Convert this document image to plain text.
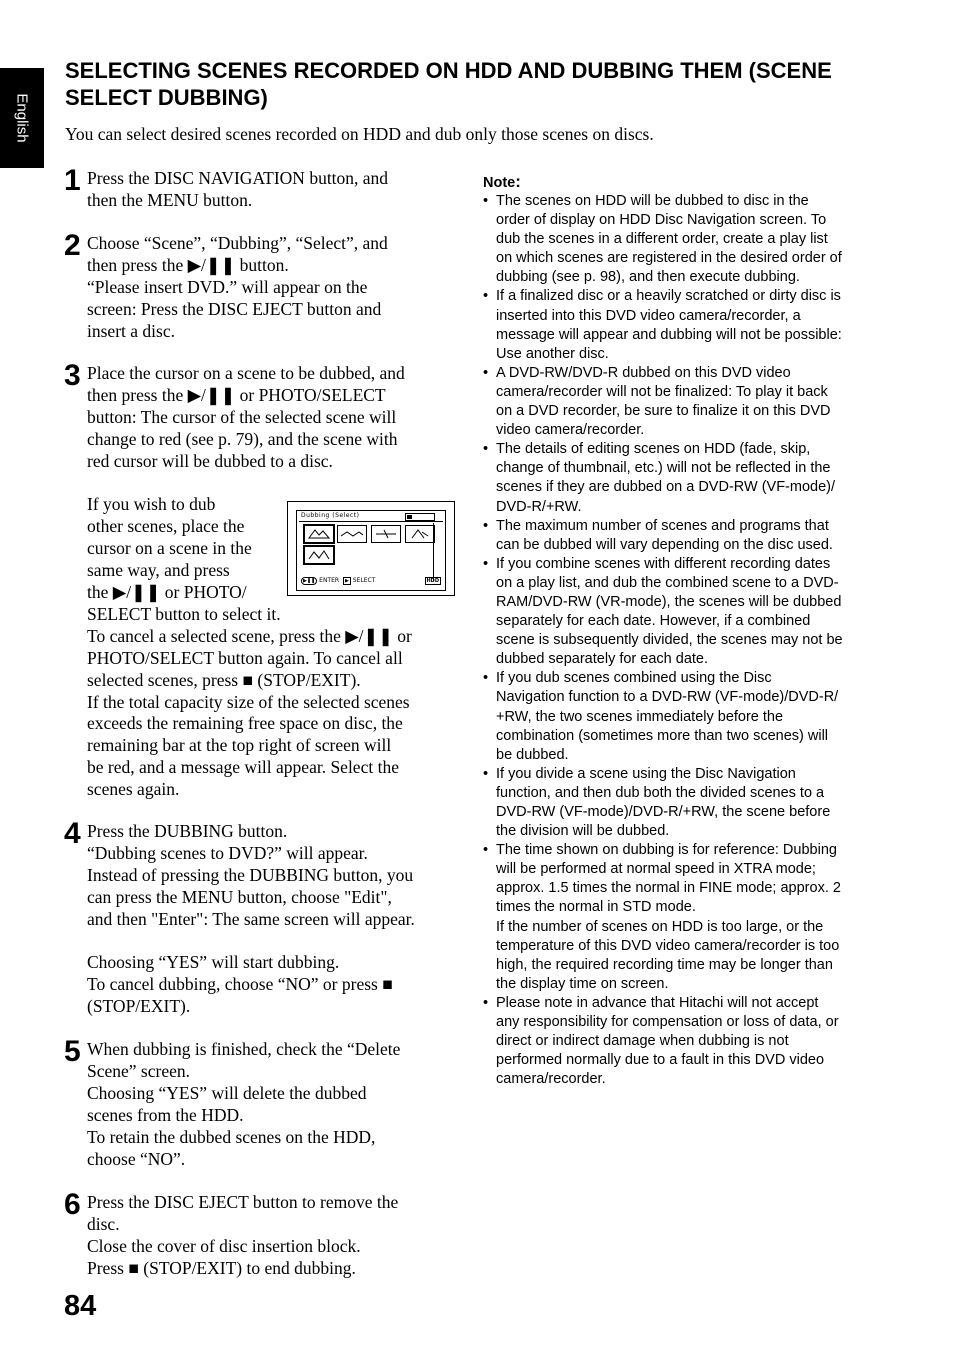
English
SELECTING SCENES RECORDED ON HDD AND DUBBING THEM (SCENE
SELECT DUBBING)

You can select desired scenes recorded on HDD and dub only those scenes on discs.

1 Press the DISC NAVIGATION button, and
then the MENU button.
2 Choose “Scene”, “Dubbing”, “Select”, and
then press the ▶/❚❚ button.
“Please insert DVD.” will appear on the
screen: Press the DISC EJECT button and
insert a disc.
3 Place the cursor on a scene to be dubbed, and
then press the ▶/❚❚ or PHOTO/SELECT
button: The cursor of the selected scene will
change to red (see p. 79), and the scene with
red cursor will be dubbed to a disc.
If you wish to dub
other scenes, place the
cursor on a scene in the
same way, and press
the ▶/❚❚ or PHOTO/
SELECT button to select it.
To cancel a selected scene, press the ▶/❚❚ or
PHOTO/SELECT button again. To cancel all
selected scenes, press ■ (STOP/EXIT).
If the total capacity size of the selected scenes
exceeds the remaining free space on disc, the
remaining bar at the top right of screen will
be red, and a message will appear. Select the
scenes again.
Dubbing (Select)
▶❚❚ ENTER ▶ SELECT	HDD
4 Press the DUBBING button.
“Dubbing scenes to DVD?” will appear.
Instead of pressing the DUBBING button, you
can press the MENU button, choose "Edit",
and then "Enter": The same screen will appear.
Choosing “YES” will start dubbing.
To cancel dubbing, choose “NO” or press ■
(STOP/EXIT).
5 When dubbing is finished, check the “Delete
Scene” screen.
Choosing “YES” will delete the dubbed
scenes from the HDD.
To retain the dubbed scenes on the HDD,
choose “NO”.
6 Press the DISC EJECT button to remove the
disc.
Close the cover of disc insertion block.
Press ■ (STOP/EXIT) to end dubbing.
Note:
• The scenes on HDD will be dubbed to disc in the
order of display on HDD Disc Navigation screen. To
dub the scenes in a different order, create a play list
on which scenes are registered in the desired order of
dubbing (see p. 98), and then execute dubbing.
• If a finalized disc or a heavily scratched or dirty disc is
inserted into this DVD video camera/recorder, a
message will appear and dubbing will not be possible:
Use another disc.
• A DVD-RW/DVD-R dubbed on this DVD video
camera/recorder will not be finalized: To play it back
on a DVD recorder, be sure to finalize it on this DVD
video camera/recorder.
• The details of editing scenes on HDD (fade, skip,
change of thumbnail, etc.) will not be reflected in the
scenes if they are dubbed on a DVD-RW (VF-mode)/
DVD-R/+RW.
• The maximum number of scenes and programs that
can be dubbed will vary depending on the disc used.
• If you combine scenes with different recording dates
on a play list, and dub the combined scene to a DVD-
RAM/DVD-RW (VR-mode), the scenes will be dubbed
separately for each date. However, if a combined
scene is subsequently divided, the scenes may not be
dubbed separately for each date.
• If you dub scenes combined using the Disc
Navigation function to a DVD-RW (VF-mode)/DVD-R/
+RW, the two scenes immediately before the
combination (sometimes more than two scenes) will
be dubbed.
• If you divide a scene using the Disc Navigation
function, and then dub both the divided scenes to a
DVD-RW (VF-mode)/DVD-R/+RW, the scene before
the division will be dubbed.
• The time shown on dubbing is for reference: Dubbing
will be performed at normal speed in XTRA mode;
approx. 1.5 times the normal in FINE mode; approx. 2
times the normal in STD mode.
If the number of scenes on HDD is too large, or the
temperature of this DVD video camera/recorder is too
high, the required recording time may be longer than
the display time on screen.
• Please note in advance that Hitachi will not accept
any responsibility for compensation or loss of data, or
direct or indirect damage when dubbing is not
performed normally due to a fault in this DVD video
camera/recorder.
84
